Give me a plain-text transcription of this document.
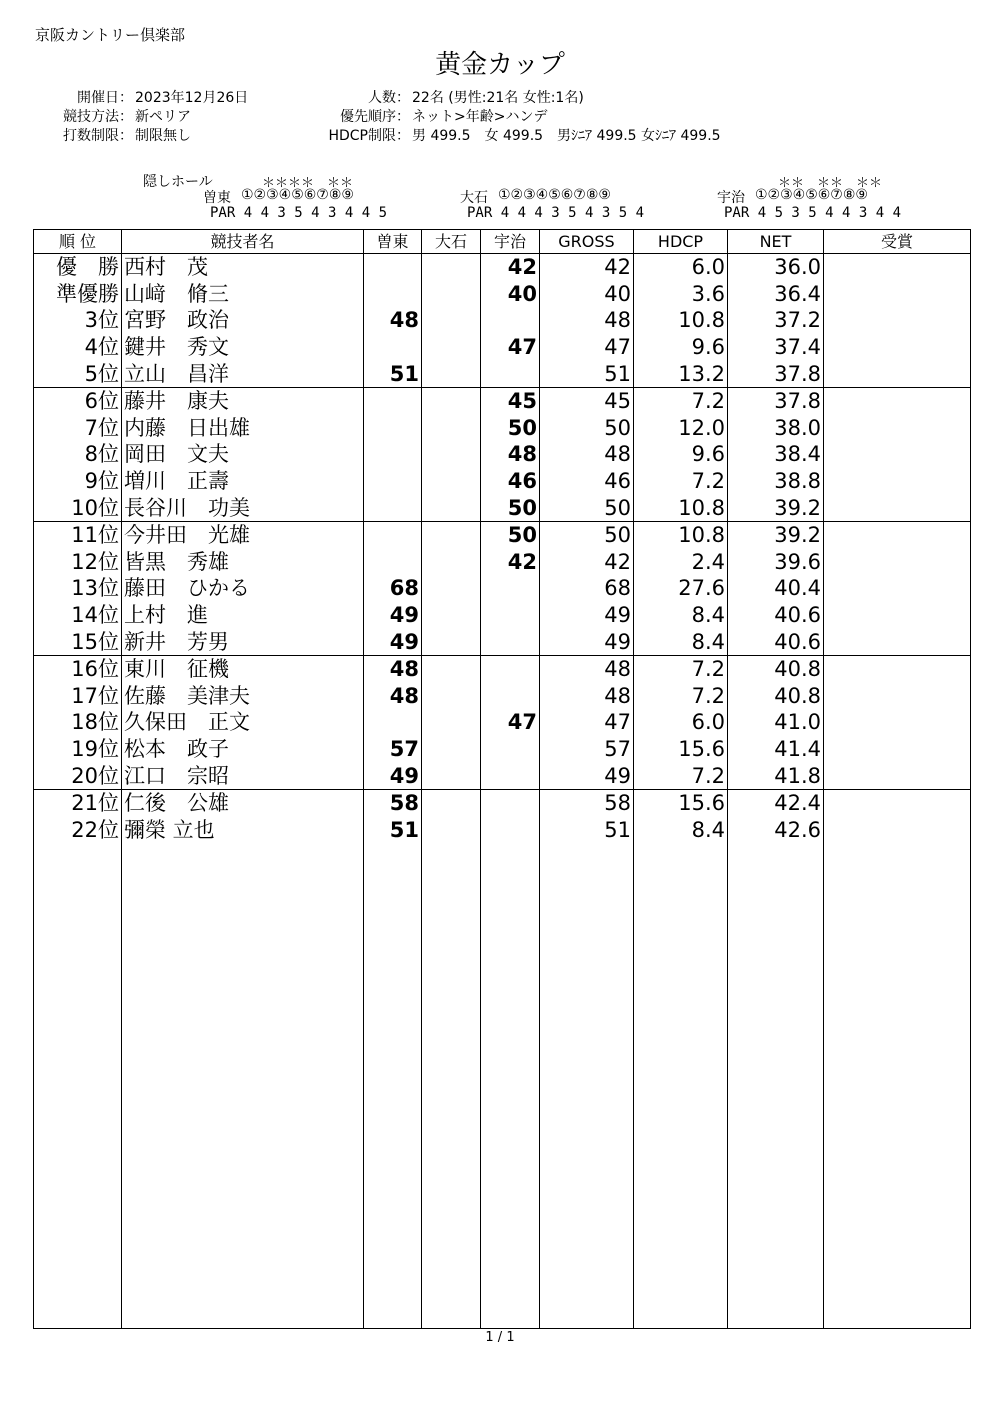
京阪カントリー倶楽部
黄金カップ
開催日： 2023年12月26日
競技方法： 新ペリア
打数制限： 制限無し
人数： 22名 (男性:21名 女性:1名)
優先順序： ネット>年齢>ハンデ
HDCP制限： 男 499.5　女 499.5　男ｼﾆｱ 499.5 女ｼﾆｱ 499.5
隠しホール	＊＊＊＊　＊＊　
曽東 ①②③④⑤⑥⑦⑧⑨
PAR 4 4 3 5 4 3 4 4 5
大石 ①②③④⑤⑥⑦⑧⑨
PAR 4 4 4 3 5 4 3 5 4
＊＊　＊＊　＊＊
宇治 ①②③④⑤⑥⑦⑧⑨
PAR 4 5 3 5 4 4 3 4 4
順 位	競技者名	曽東	大石	宇治	GROSS	HDCP	NET	受賞
優　勝	西村　茂			42	42	6.0	36.0	
準優勝	山﨑　脩三			40	40	3.6	36.4	
3位	宮野　政治	48			48	10.8	37.2	
4位	鍵井　秀文			47	47	9.6	37.4	
5位	立山　昌洋	51			51	13.2	37.8	
6位	藤井　康夫			45	45	7.2	37.8	
7位	内藤　日出雄			50	50	12.0	38.0	
8位	岡田　文夫			48	48	9.6	38.4	
9位	増川　正壽			46	46	7.2	38.8	
10位	長谷川　功美			50	50	10.8	39.2	
11位	今井田　光雄			50	50	10.8	39.2	
12位	皆黒　秀雄			42	42	2.4	39.6	
13位	藤田　ひかる	68			68	27.6	40.4	
14位	上村　進	49			49	8.4	40.6	
15位	新井　芳男	49			49	8.4	40.6	
16位	東川　征機	48			48	7.2	40.8	
17位	佐藤　美津夫	48			48	7.2	40.8	
18位	久保田　正文			47	47	6.0	41.0	
19位	松本　政子	57			57	15.6	41.4	
20位	江口　宗昭	49			49	7.2	41.8	
21位	仁後　公雄	58			58	15.6	42.4	
22位	彌榮 立也	51			51	8.4	42.6	

1 / 1
